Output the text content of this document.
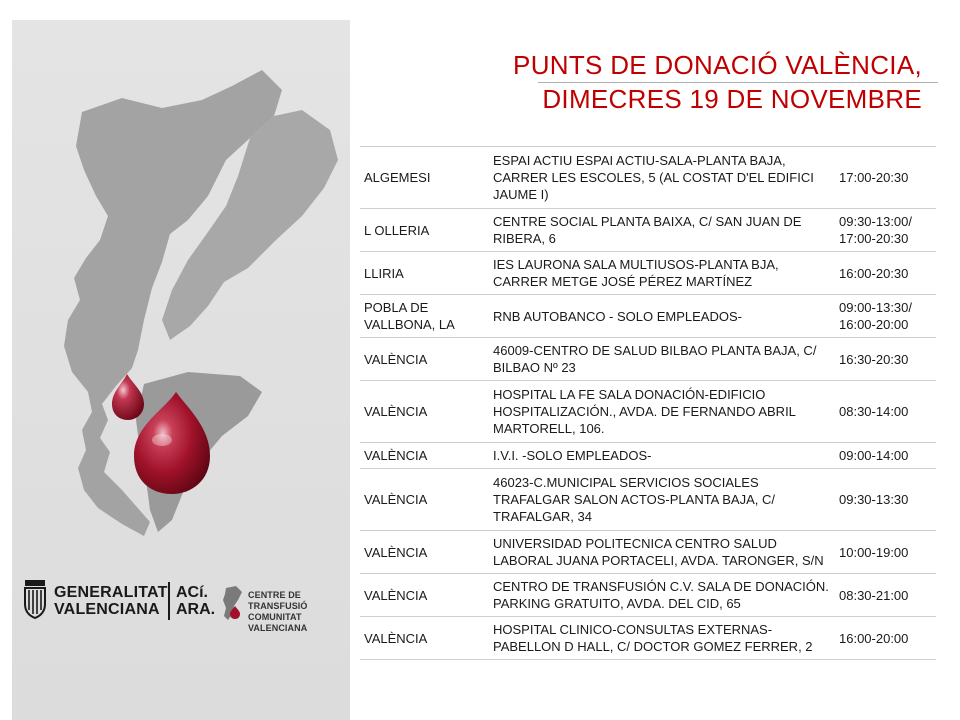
GENERALITAT
VALENCIANA
ACí.
ARA.
CENTRE DE TRANSFUSIÓ
COMUNITAT VALENCIANA
PUNTS DE DONACIÓ VALÈNCIA,
DIMECRES 19 DE NOVEMBRE
ALGEMESI	ESPAI ACTIU ESPAI ACTIU-SALA-PLANTA BAJA, CARRER LES ESCOLES, 5 (AL COSTAT D'EL EDIFICI JAUME I)	17:00-20:30
L OLLERIA	CENTRE SOCIAL PLANTA BAIXA, C/ SAN JUAN DE RIBERA, 6	09:30-13:00/ 17:00-20:30
LLIRIA	IES LAURONA SALA MULTIUSOS-PLANTA BJA, CARRER METGE JOSÉ PÉREZ MARTÍNEZ	16:00-20:30
POBLA DE VALLBONA, LA	RNB AUTOBANCO - SOLO EMPLEADOS-	09:00-13:30/ 16:00-20:00
VALÈNCIA	46009-CENTRO DE SALUD BILBAO PLANTA BAJA, C/ BILBAO Nº 23	16:30-20:30
VALÈNCIA	HOSPITAL LA FE SALA DONACIÓN-EDIFICIO HOSPITALIZACIÓN., AVDA. DE FERNANDO ABRIL MARTORELL, 106.	08:30-14:00
VALÈNCIA	I.V.I. -SOLO EMPLEADOS-	09:00-14:00
VALÈNCIA	46023-C.MUNICIPAL SERVICIOS SOCIALES TRAFALGAR SALON ACTOS-PLANTA BAJA, C/ TRAFALGAR, 34	09:30-13:30
VALÈNCIA	UNIVERSIDAD POLITECNICA CENTRO SALUD LABORAL JUANA PORTACELI, AVDA. TARONGER, S/N	10:00-19:00
VALÈNCIA	CENTRO DE TRANSFUSIÓN C.V. SALA DE DONACIÓN. PARKING GRATUITO, AVDA. DEL CID, 65	08:30-21:00
VALÈNCIA	HOSPITAL CLINICO-CONSULTAS EXTERNAS-PABELLON D HALL, C/ DOCTOR GOMEZ FERRER, 2	16:00-20:00
